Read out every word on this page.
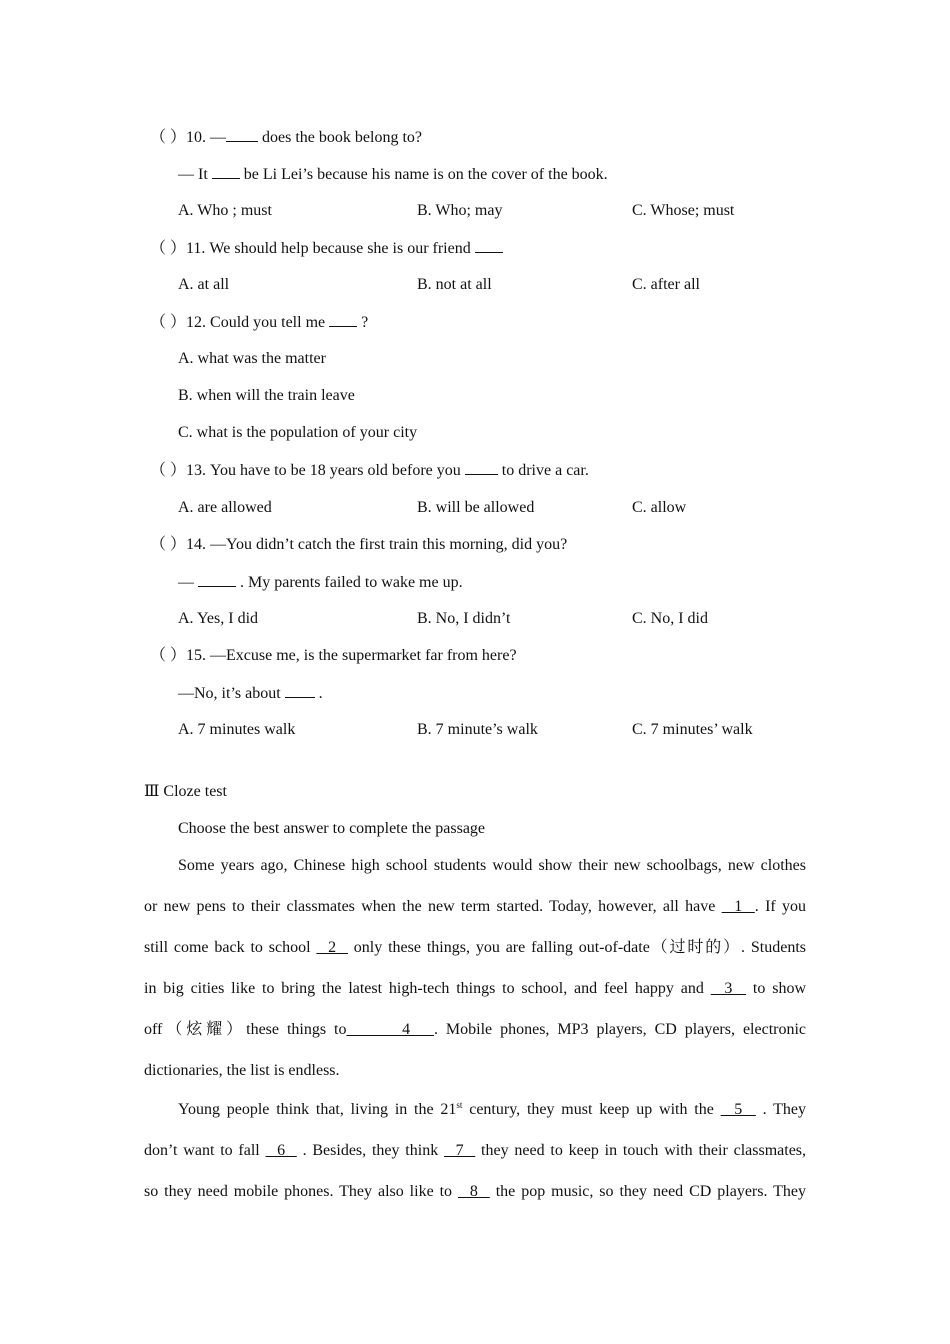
（ ）10. — does the book belong to?
— It  be Li Lei’s because his name is on the cover of the book.
A. Who ; must	B. Who; may	C. Whose; must
（ ）11. We should help because she is our friend
A. at all	B. not at all	C. after all
（ ）12. Could you tell me  ?
A. what was the matter
B. when will the train leave
C. what is the population of your city
（ ）13. You have to be 18 years old before you  to drive a car.
A. are allowed	B. will be allowed	C. allow
（ ）14. —You didn’t catch the first train this morning, did you?
—  . My parents failed to wake me up.
A. Yes, I did	B. No, I didn’t	C. No, I did
（ ）15. —Excuse me, is the supermarket far from here?
—No, it’s about  .
A. 7 minutes walk	B. 7 minute’s walk	C. 7 minutes’ walk
Ⅲ Cloze test
Choose the best answer to complete the passage
Some years ago, Chinese high school students would show their new schoolbags, new clothes
or new pens to their classmates when the new term started. Today, however, all have   1  . If you
still come back to school   2   only these things, you are falling out-of-date（过时的）. Students
in big cities like to bring the latest high-tech things to school, and feel happy and   3   to show
off（炫耀）these things to       4   . Mobile phones, MP3 players, CD players, electronic
dictionaries, the list is endless.
Young people think that, living in the 21st century, they must keep up with the   5   . They
don’t want to fall   6   . Besides, they think   7   they need to keep in touch with their classmates,
so they need mobile phones. They also like to   8   the pop music, so they need CD players. They
